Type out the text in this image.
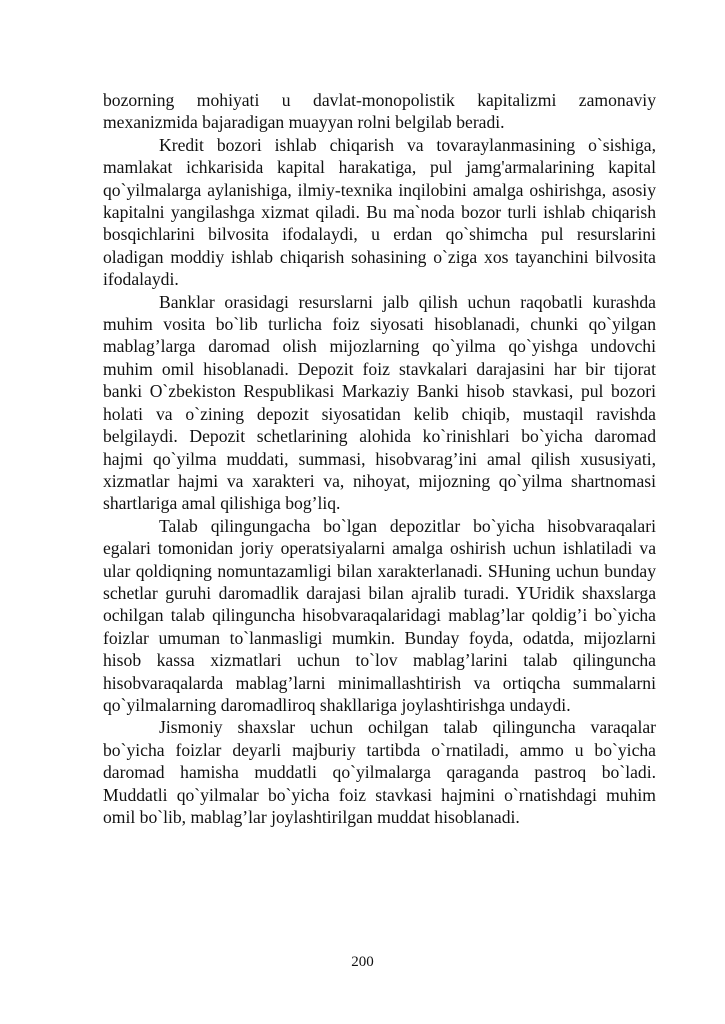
bozorning mohiyati u davlat-monopolistik kapitalizmi zamonaviy mexanizmida bajaradigan muayyan rolni belgilab beradi.

Kredit bozori ishlab chiqarish va tovaraylanmasining o`sishiga, mamlakat ichkarisida kapital harakatiga, pul jamg'armalarining kapital qo`yilmalarga aylanishiga, ilmiy-texnika inqilobini amalga oshirishga, asosiy kapitalni yangilashga xizmat qiladi. Bu ma`noda bozor turli ishlab chiqarish bosqichlarini bilvosita ifodalaydi, u erdan qo`shimcha pul resurslarini oladigan moddiy ishlab chiqarish sohasining o`ziga xos tayanchini bilvosita ifodalaydi.

Banklar orasidagi resurslarni jalb qilish uchun raqobatli kurashda muhim vosita bo`lib turlicha foiz siyosati hisoblanadi, chunki qo`yilgan mablag’larga daromad olish mijozlarning qo`yilma qo`yishga undovchi muhim omil hisoblanadi. Depozit foiz stavkalari darajasini har bir tijorat banki O`zbekiston Respublikasi Markaziy Banki hisob stavkasi, pul bozori holati va o`zining depozit siyosatidan kelib chiqib, mustaqil ravishda belgilaydi. Depozit schetlarining alohida ko`rinishlari bo`yicha daromad hajmi qo`yilma muddati, summasi, hisobvarag’ini amal qilish xususiyati, xizmatlar hajmi va xarakteri va, nihoyat, mijozning qo`yilma shartnomasi shartlariga amal qilishiga bog’liq.

Talab qilingungacha bo`lgan depozitlar bo`yicha hisobvaraqalari egalari tomonidan joriy operatsiyalarni amalga oshirish uchun ishlatiladi va ular qoldiqning nomuntazamligi bilan xarakterlanadi. SHuning uchun bunday schetlar guruhi daromadlik darajasi bilan ajralib turadi. YUridik shaxslarga ochilgan talab qilinguncha hisobvaraqalaridagi mablag’lar qoldig’i bo`yicha foizlar umuman to`lanmasligi mumkin. Bunday foyda, odatda, mijozlarni hisob kassa xizmatlari uchun to`lov mablag’larini talab qilinguncha hisobvaraqalarda mablag’larni minimallashtirish va ortiqcha summalarni qo`yilmalarning daromadliroq shakllariga joylashtirishga undaydi.

Jismoniy shaxslar uchun ochilgan talab qilinguncha varaqalar bo`yicha foizlar deyarli majburiy tartibda o`rnatiladi, ammo u bo`yicha daromad hamisha muddatli qo`yilmalarga qaraganda pastroq bo`ladi. Muddatli qo`yilmalar bo`yicha foiz stavkasi hajmini o`rnatishdagi muhim omil bo`lib, mablag’lar joylashtirilgan muddat hisoblanadi.

200
